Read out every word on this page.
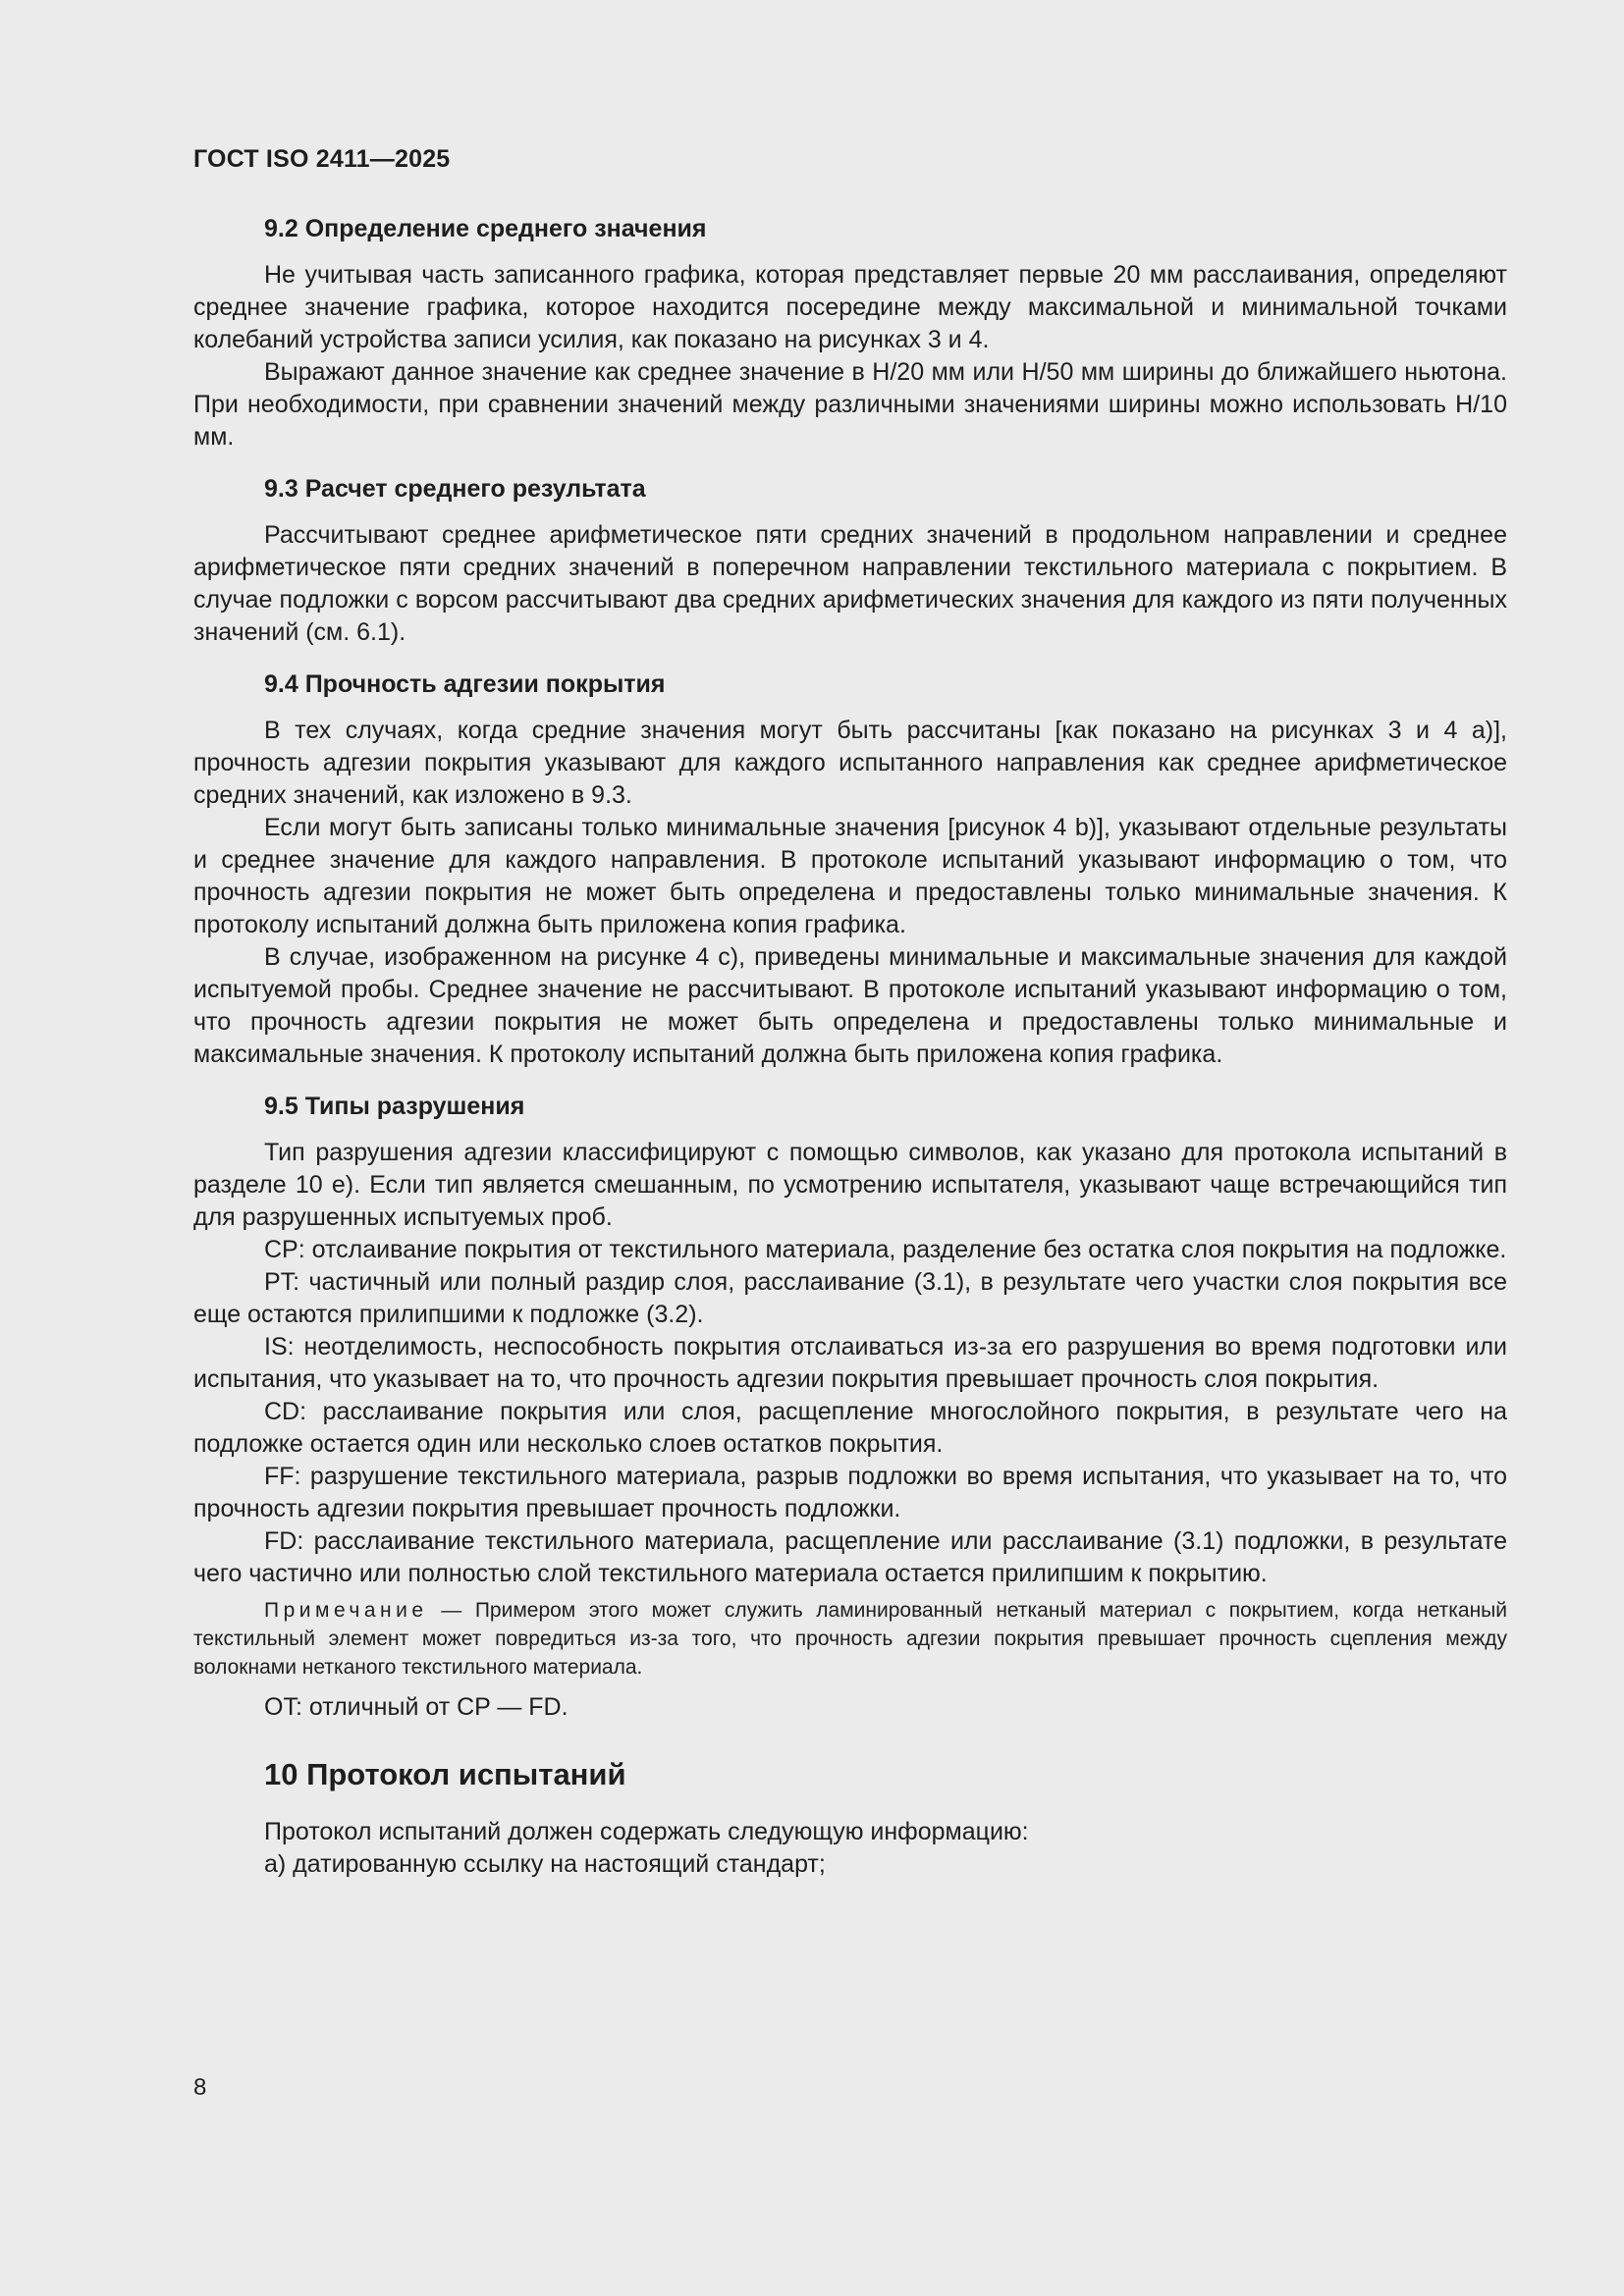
ГОСТ ISO 2411—2025
9.2 Определение среднего значения

Не учитывая часть записанного графика, которая представляет первые 20 мм расслаивания, определяют среднее значение графика, которое находится посередине между максимальной и минимальной точками колебаний устройства записи усилия, как показано на рисунках 3 и 4.

Выражают данное значение как среднее значение в Н/20 мм или Н/50 мм ширины до ближайшего ньютона. При необходимости, при сравнении значений между различными значениями ширины можно использовать Н/10 мм.

9.3 Расчет среднего результата

Рассчитывают среднее арифметическое пяти средних значений в продольном направлении и среднее арифметическое пяти средних значений в поперечном направлении текстильного материала с покрытием. В случае подложки с ворсом рассчитывают два средних арифметических значения для каждого из пяти полученных значений (см. 6.1).

9.4 Прочность адгезии покрытия

В тех случаях, когда средние значения могут быть рассчитаны [как показано на рисунках 3 и 4 a)], прочность адгезии покрытия указывают для каждого испытанного направления как среднее арифметическое средних значений, как изложено в 9.3.

Если могут быть записаны только минимальные значения [рисунок 4 b)], указывают отдельные результаты и среднее значение для каждого направления. В протоколе испытаний указывают информацию о том, что прочность адгезии покрытия не может быть определена и предоставлены только минимальные значения. К протоколу испытаний должна быть приложена копия графика.

В случае, изображенном на рисунке 4 c), приведены минимальные и максимальные значения для каждой испытуемой пробы. Среднее значение не рассчитывают. В протоколе испытаний указывают информацию о том, что прочность адгезии покрытия не может быть определена и предоставлены только минимальные и максимальные значения. К протоколу испытаний должна быть приложена копия графика.

9.5 Типы разрушения

Тип разрушения адгезии классифицируют с помощью символов, как указано для протокола испытаний в разделе 10 e). Если тип является смешанным, по усмотрению испытателя, указывают чаще встречающийся тип для разрушенных испытуемых проб.

CP: отслаивание покрытия от текстильного материала, разделение без остатка слоя покрытия на подложке.

PT: частичный или полный раздир слоя, расслаивание (3.1), в результате чего участки слоя покрытия все еще остаются прилипшими к подложке (3.2).

IS: неотделимость, неспособность покрытия отслаиваться из-за его разрушения во время подготовки или испытания, что указывает на то, что прочность адгезии покрытия превышает прочность слоя покрытия.

CD: расслаивание покрытия или слоя, расщепление многослойного покрытия, в результате чего на подложке остается один или несколько слоев остатков покрытия.

FF: разрушение текстильного материала, разрыв подложки во время испытания, что указывает на то, что прочность адгезии покрытия превышает прочность подложки.

FD: расслаивание текстильного материала, расщепление или расслаивание (3.1) подложки, в результате чего частично или полностью слой текстильного материала остается прилипшим к покрытию.

Примечание — Примером этого может служить ламинированный нетканый материал с покрытием, когда нетканый текстильный элемент может повредиться из-за того, что прочность адгезии покрытия превышает прочность сцепления между волокнами нетканого текстильного материала.

OT: отличный от CP — FD.

10 Протокол испытаний

Протокол испытаний должен содержать следующую информацию:

a) датированную ссылку на настоящий стандарт;

8
